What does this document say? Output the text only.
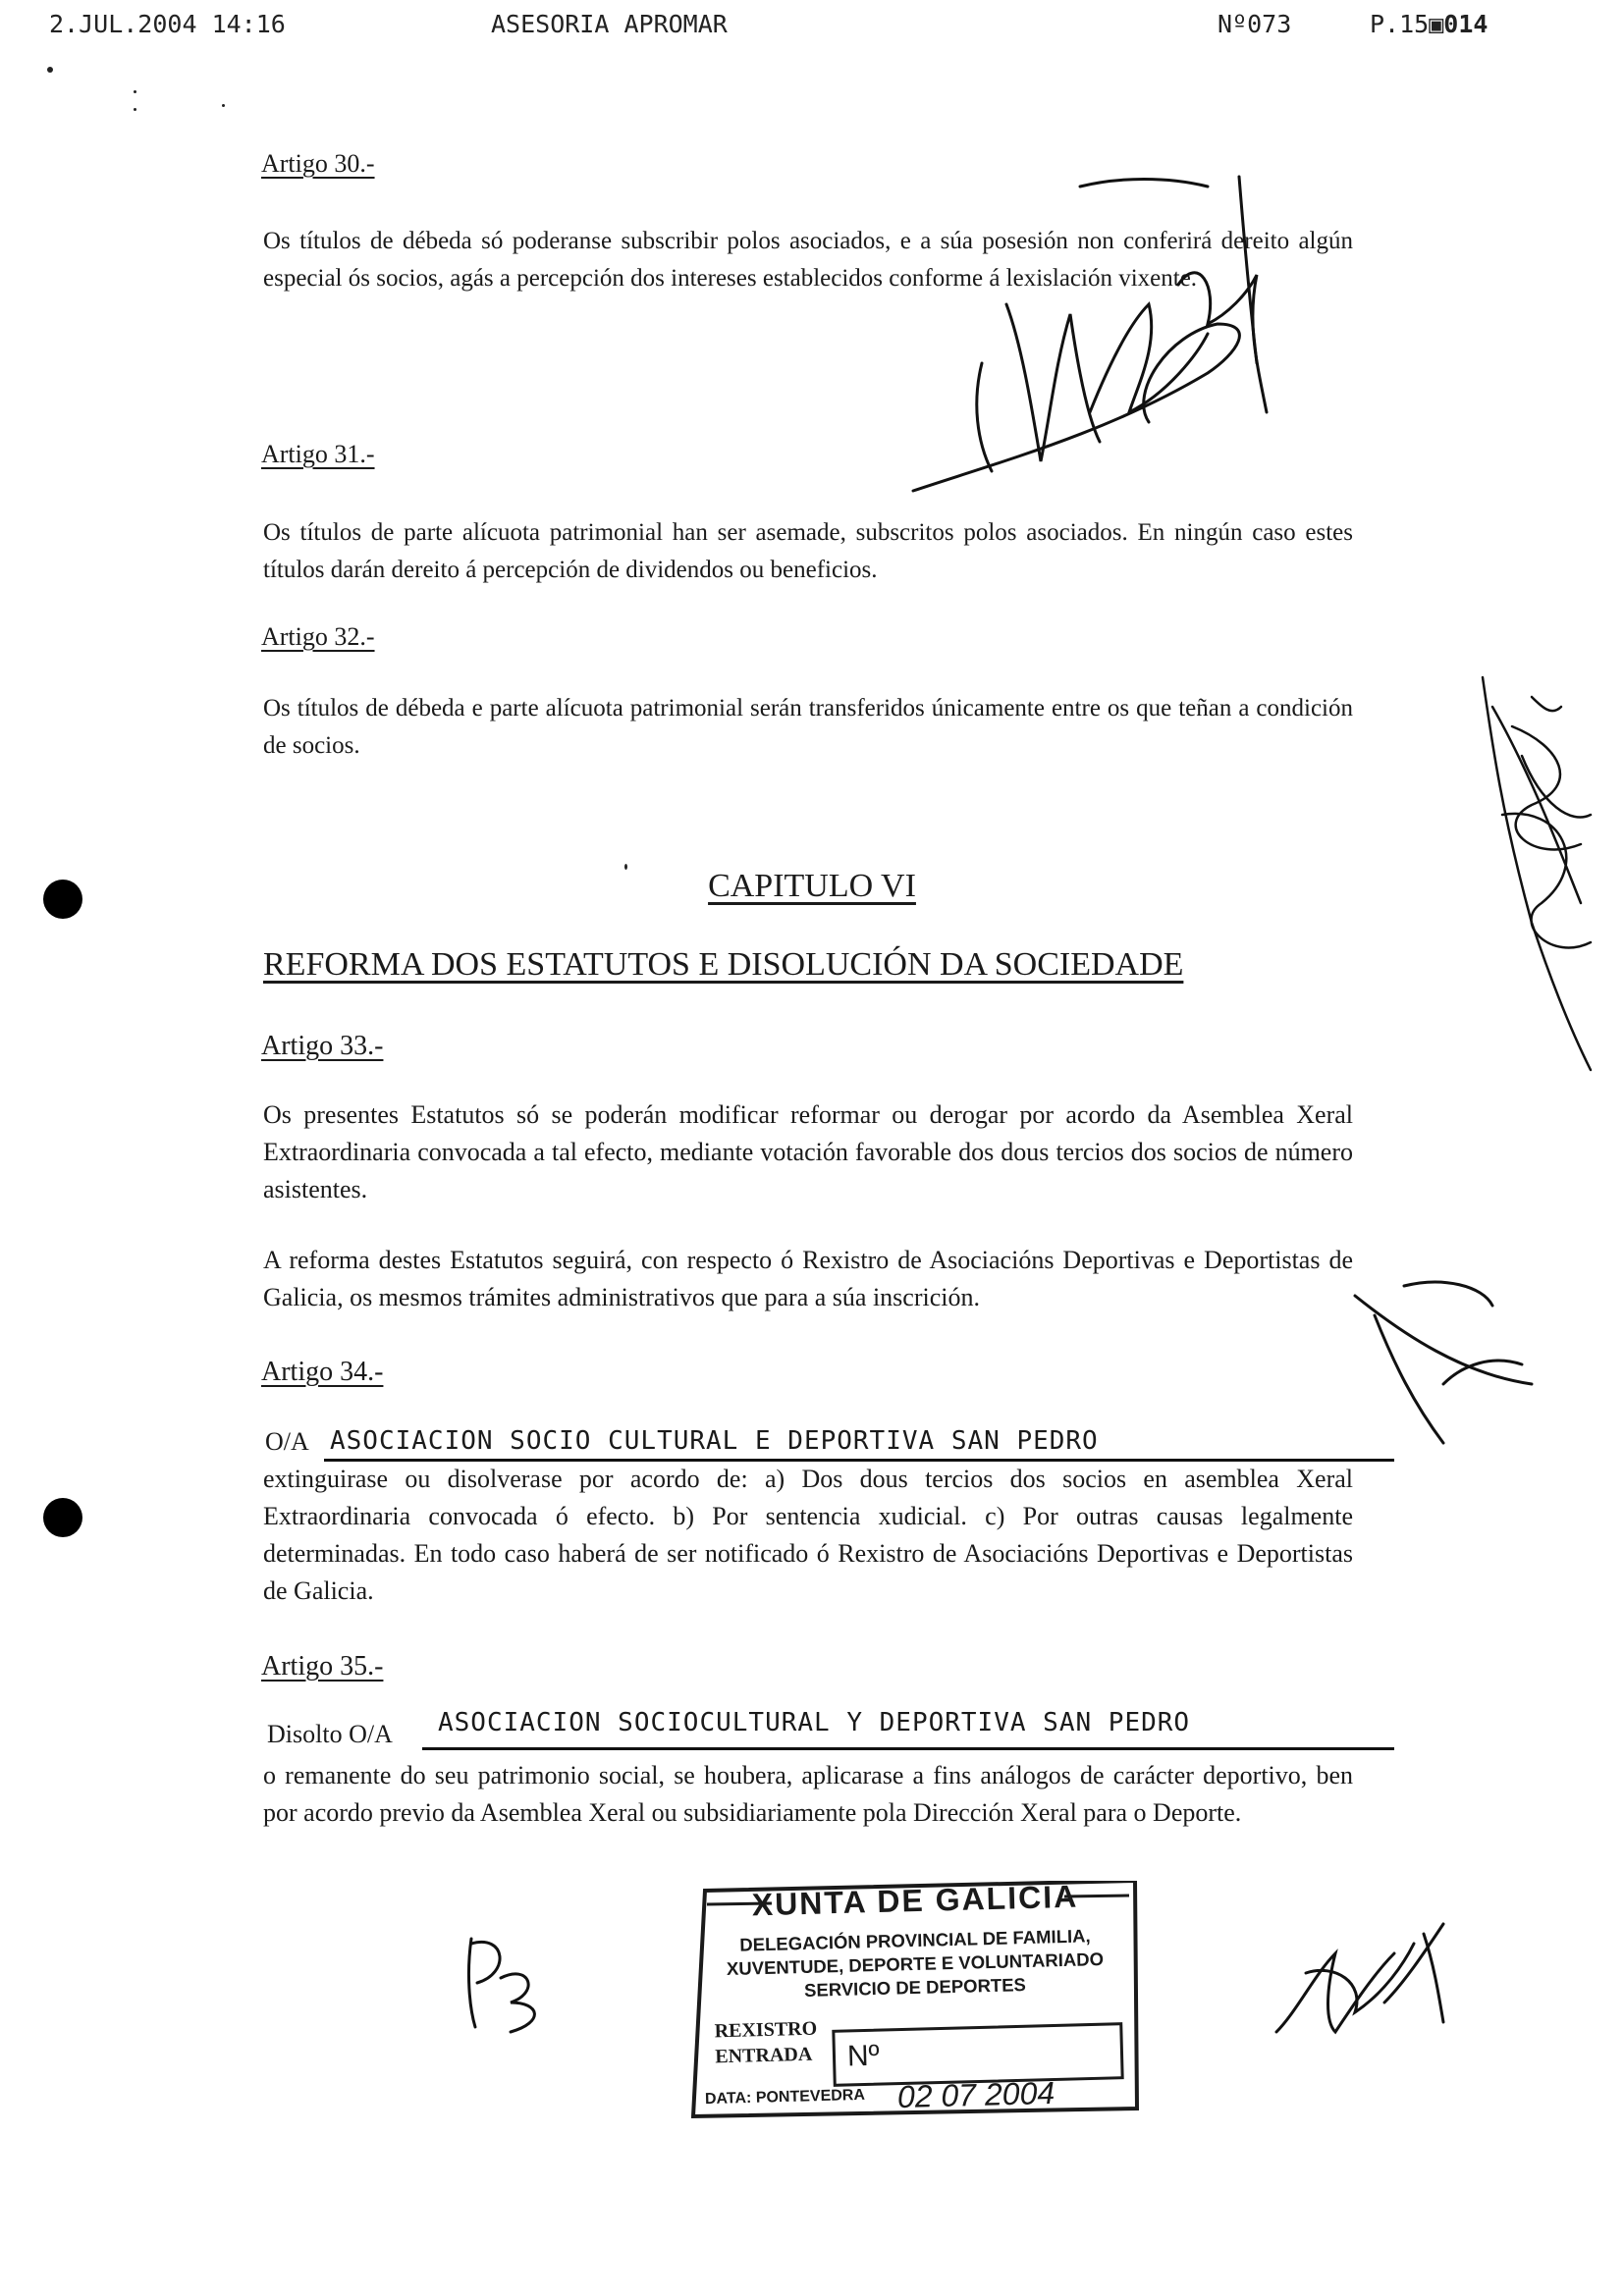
2.JUL.2004 14:16	ASESORIA APROMAR	Nº073	P.15▣014
Artigo 30.-
Os títulos de débeda só poderanse subscribir polos asociados, e a súa posesión non conferirá dereito algún especial ós socios, agás a percepción dos intereses establecidos conforme á lexislación vixente.
Artigo 31.-
Os títulos de parte alícuota patrimonial han ser asemade, subscritos polos asociados. En ningún caso estes títulos darán dereito á percepción de dividendos ou beneficios.
Artigo 32.-
Os títulos de débeda e parte alícuota patrimonial serán transferidos únicamente entre os que teñan a condición de socios.
CAPITULO VI
REFORMA DOS ESTATUTOS E DISOLUCIÓN DA SOCIEDADE
Artigo 33.-
Os presentes Estatutos só se poderán modificar reformar ou derogar por acordo da Asemblea Xeral Extraordinaria convocada a tal efecto, mediante votación favorable dos dous tercios dos socios de número asistentes.
A reforma destes Estatutos seguirá, con respecto ó Rexistro de Asociacións Deportivas e Deportistas de Galicia, os mesmos trámites administrativos que para a súa inscrición.
Artigo 34.-
O/A ASOCIACION SOCIO CULTURAL E DEPORTIVA SAN PEDRO
extinguirase ou disolverase por acordo de: a) Dos dous tercios dos socios en asemblea Xeral Extraordinaria convocada ó efecto. b) Por sentencia xudicial. c) Por outras causas legalmente determinadas. En todo caso haberá de ser notificado ó Rexistro de Asociacións Deportivas e Deportistas de Galicia.
Artigo 35.-
Disolto O/A ASOCIACION SOCIOCULTURAL Y DEPORTIVA SAN PEDRO
o remanente do seu patrimonio social, se houbera, aplicarase a fins análogos de carácter deportivo, ben por acordo previo da Asemblea Xeral ou subsidiariamente pola Dirección Xeral para o Deporte.
XUNTA DE GALICIA
DELEGACIÓN PROVINCIAL DE FAMILIA,
XUVENTUDE, DEPORTE E VOLUNTARIADO
SERVICIO DE DEPORTES
REXISTRO
ENTRADA Nº
DATA: PONTEVEDRA 02 07 2004
